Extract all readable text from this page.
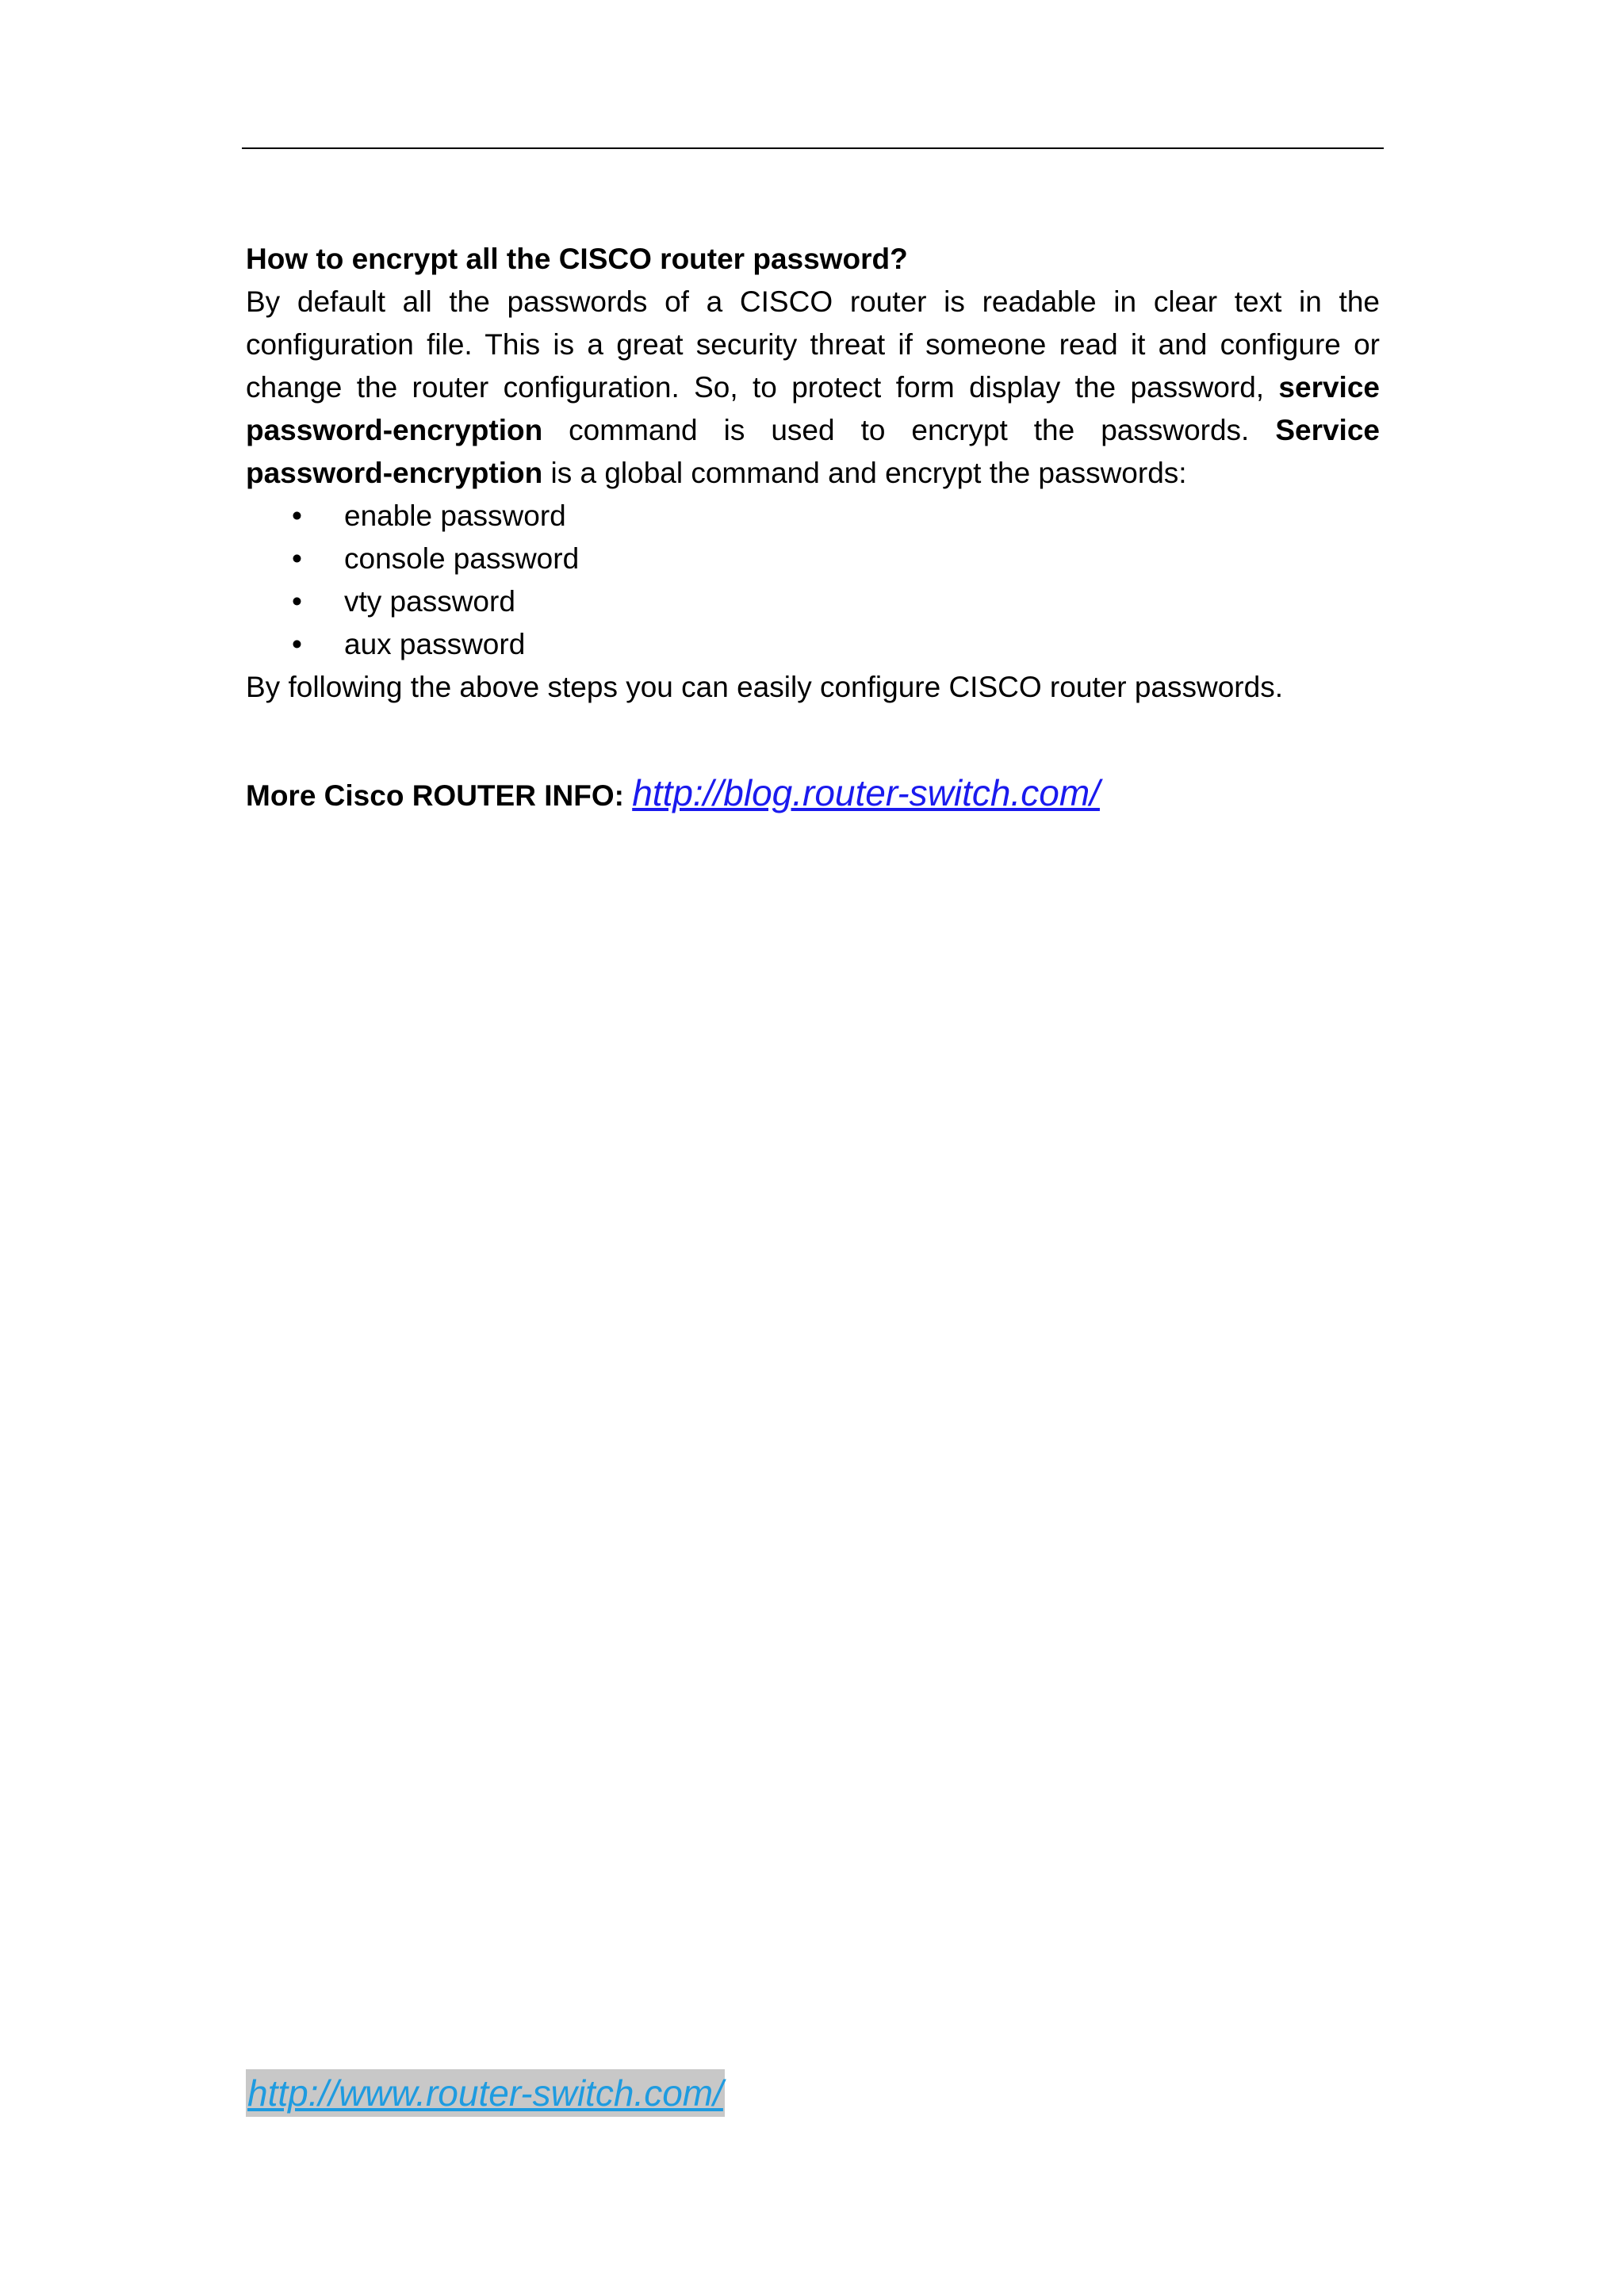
How to encrypt all the CISCO router password?

By default all the passwords of a CISCO router is readable in clear text in the configuration file. This is a great security threat if someone read it and configure or change the router configuration. So, to protect form display the password, service password-encryption command is used to encrypt the passwords. Service password-encryption is a global command and encrypt the passwords:

• enable password
• console password
• vty password
• aux password

By following the above steps you can easily configure CISCO router passwords.

More Cisco ROUTER INFO: http://blog.router-switch.com/
http://www.router-switch.com/
